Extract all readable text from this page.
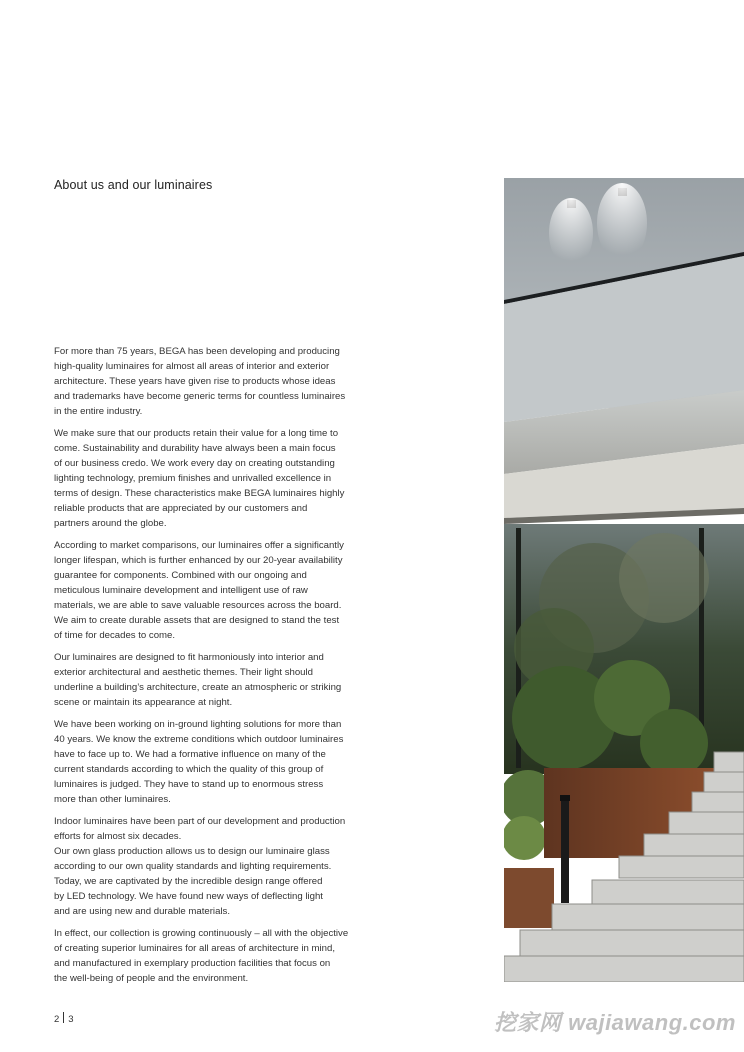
About us and our luminaires

For more than 75 years, BEGA has been developing and producing
high-quality luminaires for almost all areas of interior and exterior
architecture. These years have given rise to products whose ideas
and trademarks have become generic terms for countless luminaires
in the entire industry.

We make sure that our products retain their value for a long time to
come. Sustainability and durability have always been a main focus
of our business credo. We work every day on creating outstanding
lighting technology, premium finishes and unrivalled excellence in
terms of design. These characteristics make BEGA luminaires highly
reliable products that are appreciated by our customers and
partners around the globe.

According to market comparisons, our luminaires offer a significantly
longer lifespan, which is further enhanced by our 20-year availability
guarantee for components. Combined with our ongoing and
meticulous luminaire development and intelligent use of raw
materials, we are able to save valuable resources across the board.
We aim to create durable assets that are designed to stand the test
of time for decades to come.

Our luminaires are designed to fit harmoniously into interior and
exterior architectural and aesthetic themes. Their light should
underline a building’s architecture, create an atmospheric or striking
scene or maintain its appearance at night.

We have been working on in-ground lighting solutions for more than
40 years. We know the extreme conditions which outdoor luminaires
have to face up to. We had a formative influence on many of the
current standards according to which the quality of this group of
luminaires is judged. They have to stand up to enormous stress
more than other luminaires.

Indoor luminaires have been part of our development and production
efforts for almost six decades.
Our own glass production allows us to design our luminaire glass
according to our own quality standards and lighting requirements.
Today, we are captivated by the incredible design range offered
by LED technology. We have found new ways of deflecting light
and are using new and durable materials.

In effect, our collection is growing continuously – all with the objective
of creating superior luminaires for all areas of architecture in mind,
and manufactured in exemplary production facilities that focus on
the well-being of people and the environment.

2 3	挖家网 wajiawang.com
